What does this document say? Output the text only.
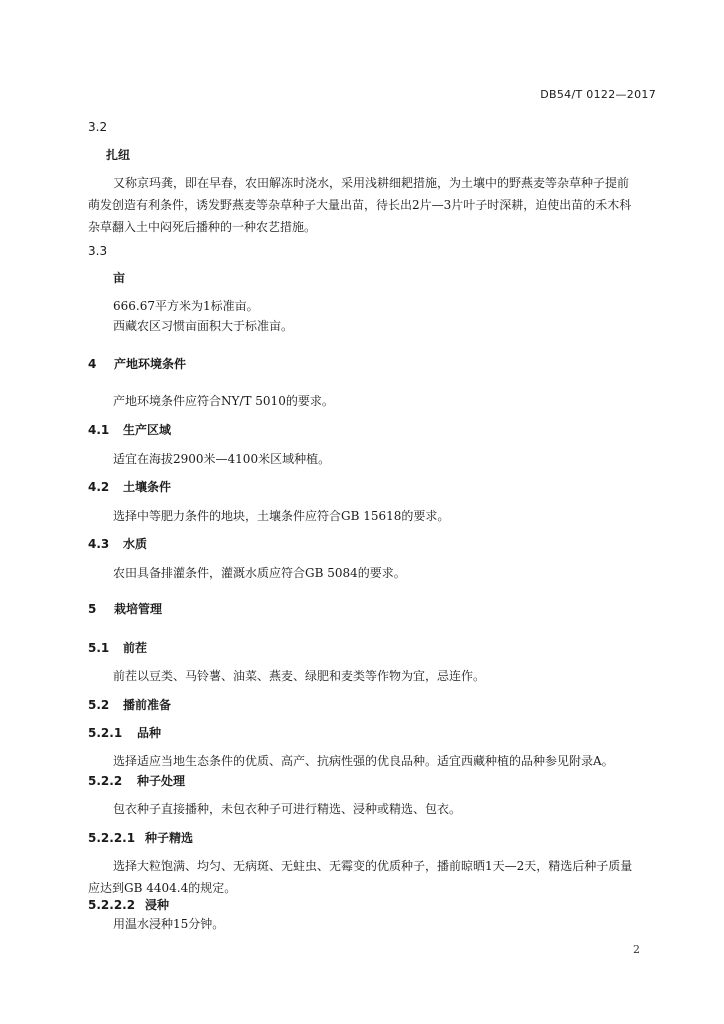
DB54/T 0122—2017
3.2
扎纽
又称京玛龚，即在早春，农田解冻时浇水，采用浅耕细耙措施，为土壤中的野燕麦等杂草种子提前
萌发创造有利条件，诱发野燕麦等杂草种子大量出苗，待长出2片—3片叶子时深耕，迫使出苗的禾木科
杂草翻入土中闷死后播种的一种农艺措施。
3.3
亩
666.67平方米为1标准亩。
西藏农区习惯亩面积大于标准亩。
4 产地环境条件
产地环境条件应符合NY/T 5010的要求。
4.1 生产区域
适宜在海拔2900米—4100米区域种植。
4.2 土壤条件
选择中等肥力条件的地块，土壤条件应符合GB 15618的要求。
4.3 水质
农田具备排灌条件，灌溉水质应符合GB 5084的要求。
5 栽培管理
5.1 前茬
前茬以豆类、马铃薯、油菜、燕麦、绿肥和麦类等作物为宜，忌连作。
5.2 播前准备
5.2.1 品种
选择适应当地生态条件的优质、高产、抗病性强的优良品种。适宜西藏种植的品种参见附录A。
5.2.2 种子处理
包衣种子直接播种，未包衣种子可进行精选、浸种或精选、包衣。
5.2.2.1 种子精选
选择大粒饱满、均匀、无病斑、无蛀虫、无霉变的优质种子，播前晾晒1天—2天，精选后种子质量
应达到GB 4404.4的规定。
5.2.2.2 浸种
用温水浸种15分钟。
2
